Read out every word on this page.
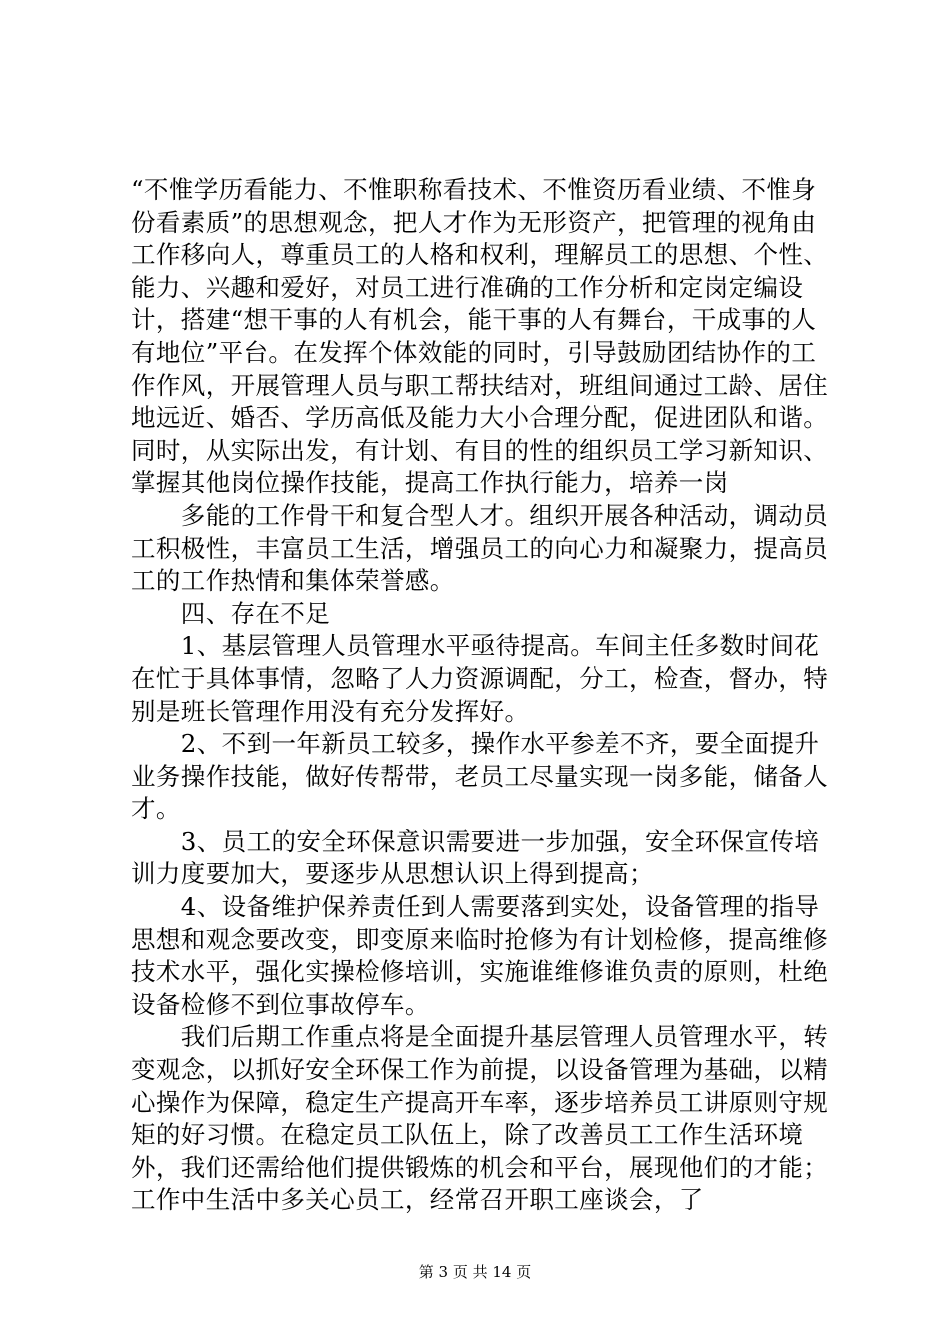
“不惟学历看能力、不惟职称看技术、不惟资历看业绩、不惟身份看素质”的思想观念，把人才作为无形资产，把管理的视角由工作移向人，尊重员工的人格和权利，理解员工的思想、个性、能力、兴趣和爱好，对员工进行准确的工作分析和定岗定编设计，搭建“想干事的人有机会，能干事的人有舞台，干成事的人有地位”平台。在发挥个体效能的同时，引导鼓励团结协作的工作作风，开展管理人员与职工帮扶结对，班组间通过工龄、居住地远近、婚否、学历高低及能力大小合理分配，促进团队和谐。同时，从实际出发，有计划、有目的性的组织员工学习新知识、掌握其他岗位操作技能，提高工作执行能力，培养一岗

　　多能的工作骨干和复合型人才。组织开展各种活动，调动员工积极性，丰富员工生活，增强员工的向心力和凝聚力，提高员工的工作热情和集体荣誉感。

　　四、存在不足

　　1、基层管理人员管理水平亟待提高。车间主任多数时间花在忙于具体事情，忽略了人力资源调配，分工，检查，督办，特别是班长管理作用没有充分发挥好。

　　2、不到一年新员工较多，操作水平参差不齐，要全面提升业务操作技能，做好传帮带，老员工尽量实现一岗多能，储备人才。

　　3、员工的安全环保意识需要进一步加强，安全环保宣传培训力度要加大，要逐步从思想认识上得到提高；

　　4、设备维护保养责任到人需要落到实处，设备管理的指导思想和观念要改变，即变原来临时抢修为有计划检修，提高维修技术水平，强化实操检修培训，实施谁维修谁负责的原则，杜绝设备检修不到位事故停车。

　　我们后期工作重点将是全面提升基层管理人员管理水平，转变观念，以抓好安全环保工作为前提，以设备管理为基础，以精心操作为保障，稳定生产提高开车率，逐步培养员工讲原则守规矩的好习惯。在稳定员工队伍上，除了改善员工工作生活环境外，我们还需给他们提供锻炼的机会和平台，展现他们的才能；工作中生活中多关心员工，经常召开职工座谈会，了

第 3 页 共 14 页
